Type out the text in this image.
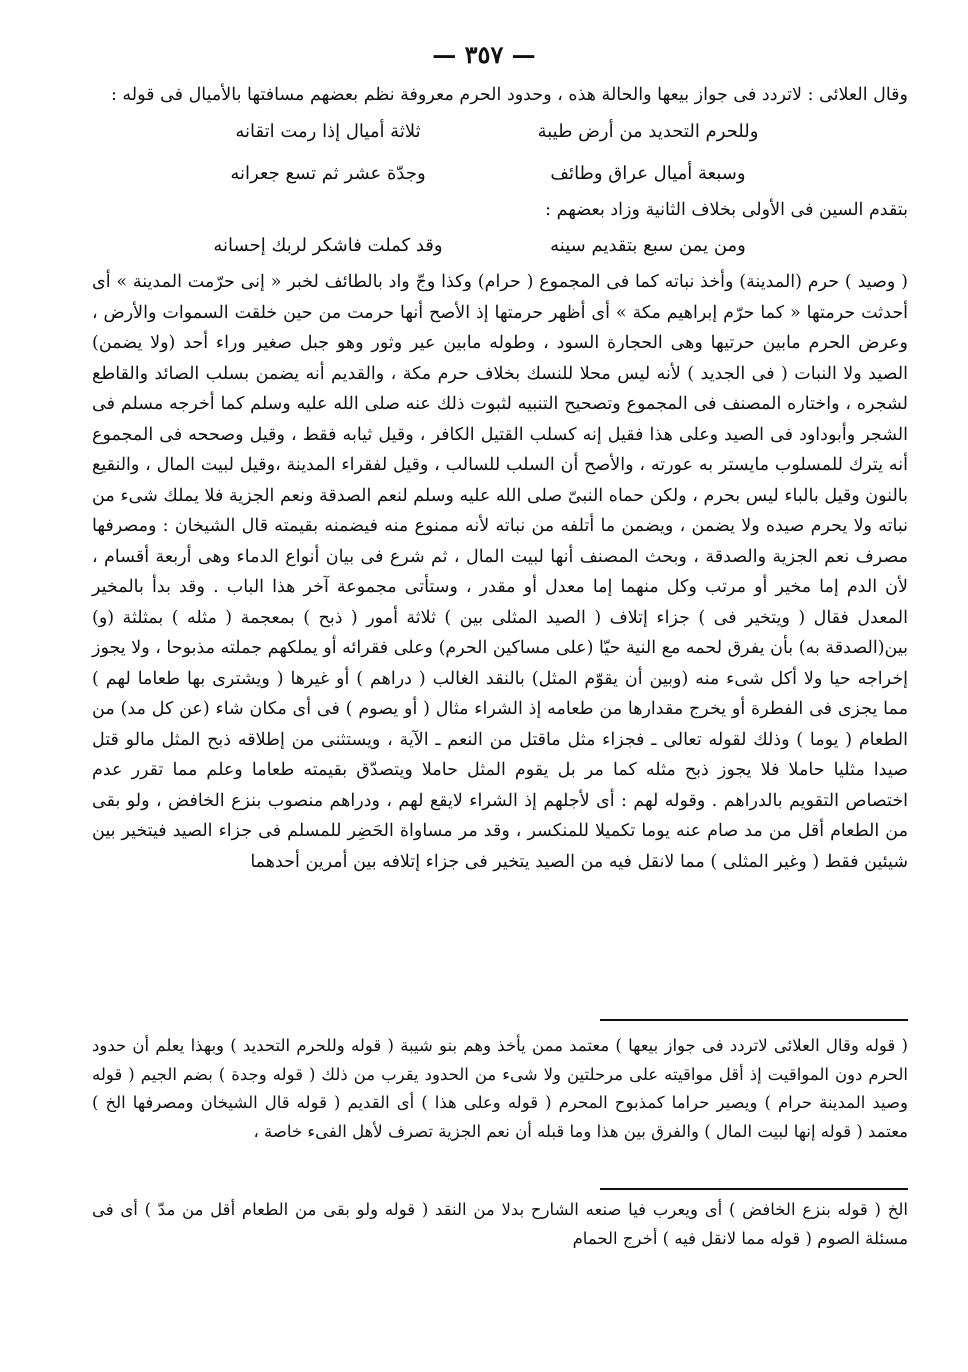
— ٣٥٧ —

وقال العلائى : لاتردد فى جواز بيعها والحالة هذه ، وحدود الحرم معروفة نظم بعضهم مسافتها بالأميال فى قوله :

وللحرم التحديد من أرض طيبة
ثلاثة أميال إذا رمت اتقانه
وسبعة أميال عراق وطائف
وجدّة عشر ثم تسع جعرانه

بتقدم السين فى الأولى بخلاف الثانية وزاد بعضهم :

ومن يمن سبع بتقديم سينه
وقد كملت فاشكر لربك إحسانه

( وصيد ) حرم (المدينة) وأخذ نباته كما فى المجموع ( حرام) وكذا وجّ واد بالطائف لخبر « إنى حرّمت المدينة » أى أحدثت حرمتها « كما حرّم إبراهيم مكة » أى أظهر حرمتها إذ الأصح أنها حرمت من حين خلقت السموات والأرض ، وعرض الحرم مابين حرتيها وهى الحجارة السود ، وطوله مابين عير وثور وهو جبل صغير وراء أحد (ولا يضمن) الصيد ولا النبات ( فى الجديد ) لأنه ليس محلا للنسك بخلاف حرم مكة ، والقديم أنه يضمن بسلب الصائد والقاطع لشجره ، واختاره المصنف فى المجموع وتصحيح التنبيه لثبوت ذلك عنه صلى الله عليه وسلم كما أخرجه مسلم فى الشجر وأبوداود فى الصيد وعلى هذا فقيل إنه كسلب القتيل الكافر ، وقيل ثيابه فقط ، وقيل وصححه فى المجموع أنه يترك للمسلوب مايستر به عورته ، والأصح أن السلب للسالب ، وقيل لفقراء المدينة ،وقيل لبيت المال ، والنقيع بالنون وقيل بالباء ليس بحرم ، ولكن حماه النبىّ صلى الله عليه وسلم لنعم الصدقة ونعم الجزية فلا يملك شىء من نباته ولا يحرم صيده ولا يضمن ، ويضمن ما أتلفه من نباته لأنه ممنوع منه فيضمنه بقيمته قال الشيخان : ومصرفها مصرف نعم الجزية والصدقة ، وبحث المصنف أنها لبيت المال ، ثم شرع فى بيان أنواع الدماء وهى أربعة أقسام ، لأن الدم إما مخير أو مرتب وكل منهما إما معدل أو مقدر ، وستأتى مجموعة آخر هذا الباب . وقد بدأ بالمخير المعدل فقال ( ويتخير فى ) جزاء إتلاف ( الصيد المثلى بين ) ثلاثة أمور ( ذبح ) بمعجمة ( مثله ) بمثلثة (و) بين(الصدقة به) بأن يفرق لحمه مع النية حيّا (على مساكين الحرم) وعلى فقرائه أو يملكهم جملته مذبوحا ، ولا يجوز إخراجه حيا ولا أكل شىء منه (وبين أن يقوّم المثل) بالنقد الغالب ( دراهم ) أو غيرها ( ويشترى بها طعاما لهم ) مما يجزى فى الفطرة أو يخرج مقدارها من طعامه إذ الشراء مثال ( أو يصوم ) فى أى مكان شاء (عن كل مد) من الطعام ( يوما ) وذلك لقوله تعالى ـ فجزاء مثل ماقتل من النعم ـ الآية ، ويستثنى من إطلاقه ذبح المثل مالو قتل صيدا مثليا حاملا فلا يجوز ذبح مثله كما مر بل يقوم المثل حاملا ويتصدّق بقيمته طعاما وعلم مما تقرر عدم اختصاص التقويم بالدراهم . وقوله لهم : أى لأجلهم إذ الشراء لايقع لهم ، ودراهم منصوب بنزع الخافض ، ولو بقى من الطعام أقل من مد صام عنه يوما تكميلا للمنكسر ، وقد مر مساواة الحَضِر للمسلم فى جزاء الصيد فيتخير بين شيئين فقط ( وغير المثلى ) مما لانقل فيه من الصيد يتخير فى جزاء إتلافه بين أمرين أحدهما

( قوله وقال العلائى لاتردد فى جواز بيعها ) معتمد ممن يأخذ وهم بنو شيبة ( قوله وللحرم التحديد ) وبهذا يعلم أن حدود الحرم دون المواقيت إذ أقل مواقيته على مرحلتين ولا شىء من الحدود يقرب من ذلك ( قوله وجدة ) بضم الجيم ( قوله وصيد المدينة حرام ) ويصير حراما كمذبوح المحرم ( قوله وعلى هذا ) أى القديم ( قوله قال الشيخان ومصرفها الخ ) معتمد ( قوله إنها لبيت المال ) والفرق بين هذا وما قبله أن نعم الجزية تصرف لأهل الفىء خاصة ،

الخ ( قوله بنزع الخافض ) أى ويعرب فيا صنعه الشارح بدلا من النقد ( قوله ولو بقى من الطعام أقل من مدّ ) أى فى مسئلة الصوم ( قوله مما لانقل فيه ) أخرج الحمام
